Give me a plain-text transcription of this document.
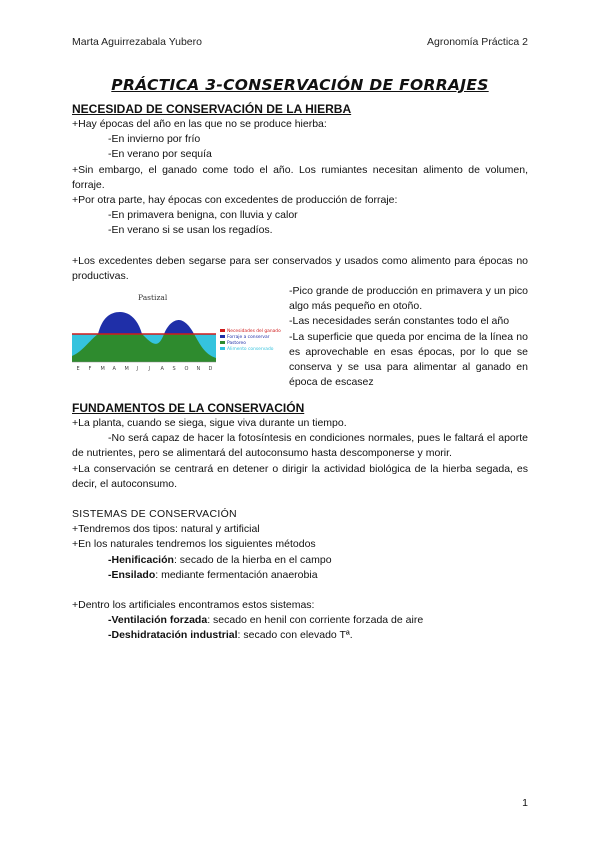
Marta Aguirrezabala Yubero	Agronomía Práctica 2
PRÁCTICA 3-CONSERVACIÓN DE FORRAJES
NECESIDAD DE CONSERVACIÓN DE LA HIERBA
+Hay épocas del año en las que no se produce hierba:
-En invierno por frío
-En verano por sequía
+Sin embargo, el ganado come todo el año. Los rumiantes necesitan alimento de volumen, forraje.
+Por otra parte, hay épocas con excedentes de producción de forraje:
-En primavera benigna, con lluvia y calor
-En verano si se usan los regadíos.
+Los excedentes deben segarse para ser conservados y usados como alimento para épocas no productivas.
Pastizal
E F M A M J J A S O N D
Necesidades del ganado
Forraje a conservar
Pastoreo
Alimento conservado
-Pico grande de producción en primavera y un pico algo más pequeño en otoño.
-Las necesidades serán constantes todo el año
-La superficie que queda por encima de la línea no es aprovechable en esas épocas, por lo que se conserva y se usa para alimentar al ganado en época de escasez
FUNDAMENTOS DE LA CONSERVACIÓN
+La planta, cuando se siega, sigue viva durante un tiempo.
-No será capaz de hacer la fotosíntesis en condiciones normales, pues le faltará el aporte de nutrientes, pero se alimentará del autoconsumo hasta descomponerse y morir.
+La conservación se centrará en detener o dirigir la actividad biológica de la hierba segada, es decir, el autoconsumo.
SISTEMAS DE CONSERVACIÓN
+Tendremos dos tipos: natural y artificial
+En los naturales tendremos los siguientes métodos
-Henificación: secado de la hierba en el campo
-Ensilado: mediante fermentación anaerobia
+Dentro los artificiales encontramos estos sistemas:
-Ventilación forzada: secado en henil con corriente forzada de aire
-Deshidratación industrial: secado con elevado Tª.
1
